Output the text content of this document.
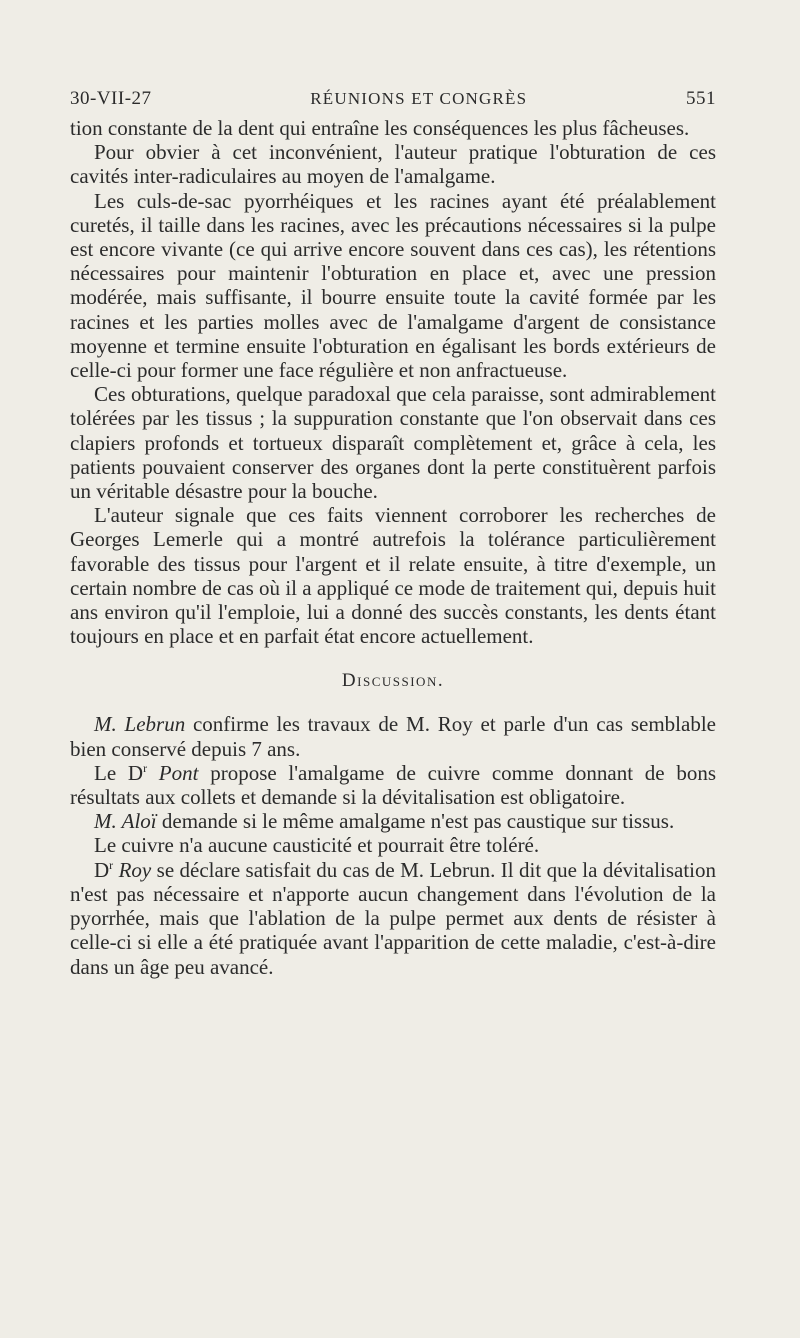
30-VII-27	RÉUNIONS ET CONGRÈS	551

tion constante de la dent qui entraîne les conséquences les plus fâcheuses.

Pour obvier à cet inconvénient, l'auteur pratique l'obturation de ces cavités inter-radiculaires au moyen de l'amalgame.

Les culs-de-sac pyorrhéiques et les racines ayant été préalablement curetés, il taille dans les racines, avec les précautions nécessaires si la pulpe est encore vivante (ce qui arrive encore souvent dans ces cas), les rétentions nécessaires pour maintenir l'obturation en place et, avec une pression modérée, mais suffisante, il bourre ensuite toute la cavité formée par les racines et les parties molles avec de l'amalgame d'argent de consistance moyenne et termine ensuite l'obturation en égalisant les bords extérieurs de celle-ci pour former une face régulière et non anfractueuse.

Ces obturations, quelque paradoxal que cela paraisse, sont admirablement tolérées par les tissus ; la suppuration constante que l'on observait dans ces clapiers profonds et tortueux disparaît complètement et, grâce à cela, les patients pouvaient conserver des organes dont la perte constituèrent parfois un véritable désastre pour la bouche.

L'auteur signale que ces faits viennent corroborer les recherches de Georges Lemerle qui a montré autrefois la tolérance particulièrement favorable des tissus pour l'argent et il relate ensuite, à titre d'exemple, un certain nombre de cas où il a appliqué ce mode de traitement qui, depuis huit ans environ qu'il l'emploie, lui a donné des succès constants, les dents étant toujours en place et en parfait état encore actuellement.

Discussion.

M. Lebrun confirme les travaux de M. Roy et parle d'un cas semblable bien conservé depuis 7 ans.

Le $D^r$ Pont propose l'amalgame de cuivre comme donnant de bons résultats aux collets et demande si la dévitalisation est obligatoire.

M. Aloï demande si le même amalgame n'est pas caustique sur tissus.

Le cuivre n'a aucune causticité et pourrait être toléré.

$D^r$ Roy se déclare satisfait du cas de M. Lebrun. Il dit que la dévitalisation n'est pas nécessaire et n'apporte aucun changement dans l'évolution de la pyorrhée, mais que l'ablation de la pulpe permet aux dents de résister à celle-ci si elle a été pratiquée avant l'apparition de cette maladie, c'est-à-dire dans un âge peu avancé.
